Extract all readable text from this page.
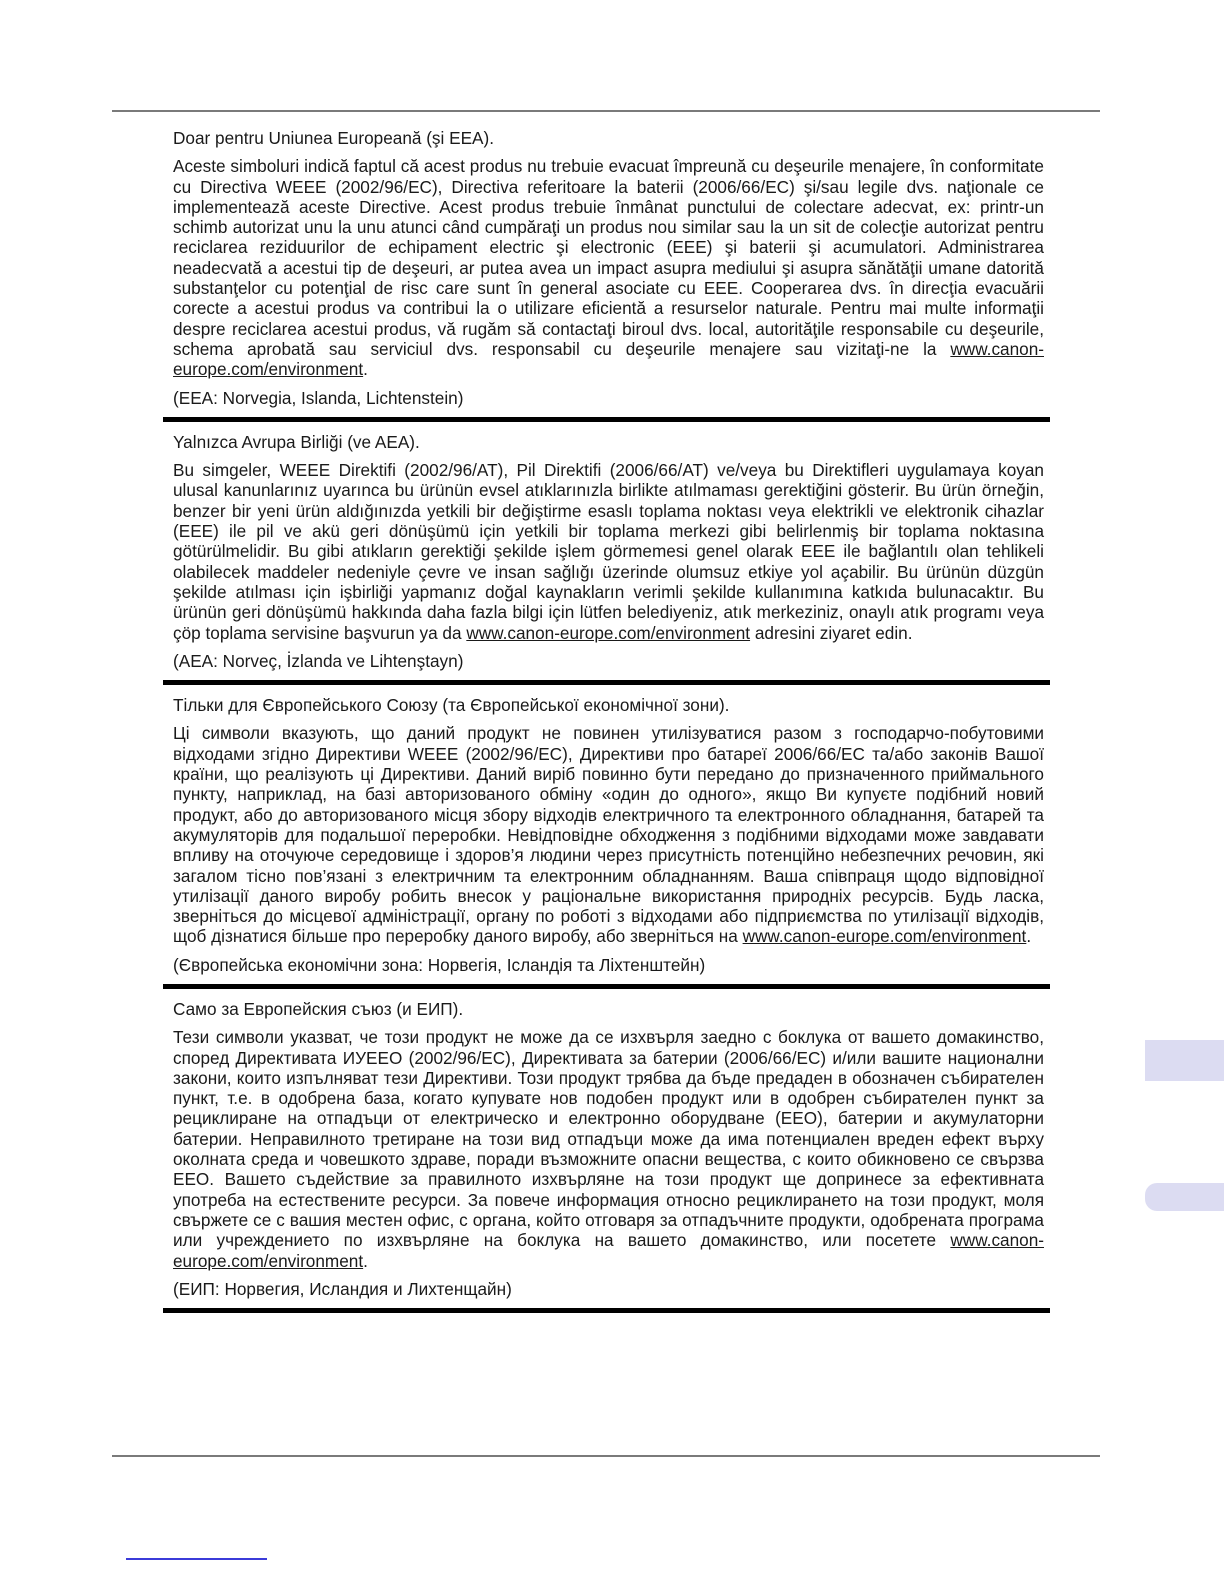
Doar pentru Uniunea Europeană (şi EEA).

Aceste simboluri indică faptul că acest produs nu trebuie evacuat împreună cu deşeurile menajere, în conformitate cu Directiva WEEE (2002/96/EC), Directiva referitoare la baterii (2006/66/EC) şi/sau legile dvs. naţionale ce implementează aceste Directive. Acest produs trebuie înmânat punctului de colectare adecvat, ex: printr-un schimb autorizat unu la unu atunci când cumpăraţi un produs nou similar sau la un sit de colecţie autorizat pentru reciclarea reziduurilor de echipament electric şi electronic (EEE) şi baterii şi acumulatori. Administrarea neadecvată a acestui tip de deşeuri, ar putea avea un impact asupra mediului şi asupra sănătăţii umane datorită substanţelor cu potenţial de risc care sunt în general asociate cu EEE. Cooperarea dvs. în direcţia evacuării corecte a acestui produs va contribui la o utilizare eficientă a resurselor naturale. Pentru mai multe informaţii despre reciclarea acestui produs, vă rugăm să contactaţi biroul dvs. local, autorităţile responsabile cu deşeurile, schema aprobată sau serviciul dvs. responsabil cu deşeurile menajere sau vizitaţi-ne la www.canon-europe.com/environment.

(EEA: Norvegia, Islanda, Lichtenstein)

Yalnızca Avrupa Birliği (ve AEA).

Bu simgeler, WEEE Direktifi (2002/96/AT), Pil Direktifi (2006/66/AT) ve/veya bu Direktifleri uygulamaya koyan ulusal kanunlarınız uyarınca bu ürünün evsel atıklarınızla birlikte atılmaması gerektiğini gösterir. Bu ürün örneğin, benzer bir yeni ürün aldığınızda yetkili bir değiştirme esaslı toplama noktası veya elektrikli ve elektronik cihazlar (EEE) ile pil ve akü geri dönüşümü için yetkili bir toplama merkezi gibi belirlenmiş bir toplama noktasına götürülmelidir. Bu gibi atıkların gerektiği şekilde işlem görmemesi genel olarak EEE ile bağlantılı olan tehlikeli olabilecek maddeler nedeniyle çevre ve insan sağlığı üzerinde olumsuz etkiye yol açabilir. Bu ürünün düzgün şekilde atılması için işbirliği yapmanız doğal kaynakların verimli şekilde kullanımına katkıda bulunacaktır. Bu ürünün geri dönüşümü hakkında daha fazla bilgi için lütfen belediyeniz, atık merkeziniz, onaylı atık programı veya çöp toplama servisine başvurun ya da www.canon-europe.com/environment adresini ziyaret edin.

(AEA: Norveç, İzlanda ve Lihtenştayn)

Тільки для Європейського Союзу (та Європейської економічної зони).

Ці символи вказують, що даний продукт не повинен утилізуватися разом з господарчо-побутовими відходами згідно Директиви WEEE (2002/96/EC), Директиви про батареї 2006/66/EC та/або законів Вашої країни, що реалізують ці Директиви. Даний виріб повинно бути передано до призначенного приймального пункту, наприклад, на базі авторизованого обміну «один до одного», якщо Ви купуєте подібний новий продукт, або до авторизованого місця збору відходів електричного та електронного обладнання, батарей та акумуляторів для подальшої переробки. Невідповідне обходження з подібними відходами може завдавати впливу на оточуюче середовище і здоров’я людини через присутність потенційно небезпечних речовин, які загалом тісно пов’язані з електричним та електронним обладнанням. Ваша співпраця щодо відповідної утилізації даного виробу робить внесок у раціональне використання природніх ресурсів. Будь ласка, зверніться до місцевої адміністрації, органу по роботі з відходами або підприємства по утилізації відходів, щоб дізнатися більше про переробку даного виробу, або зверніться на www.canon-europe.com/environment.

(Європейська економічни зона: Норвегія, Ісландія та Ліхтенштейн)

Само за Европейския съюз (и ЕИП).

Тези символи указват, че този продукт не може да се изхвърля заедно с боклука от вашето домакинство, според Директивата ИУЕЕО (2002/96/EC), Директивата за батерии (2006/66/EC) и/или вашите национални закони, които изпълняват тези Директиви. Този продукт трябва да бъде предаден в обозначен събирателен пункт, т.е. в одобрена база, когато купувате нов подобен продукт или в одобрен събирателен пункт за рециклиране на отпадъци от електрическо и електронно оборудване (ЕЕО), батерии и акумулаторни батерии. Неправилното третиране на този вид отпадъци може да има потенциален вреден ефект върху околната среда и човешкото здраве, поради възможните опасни вещества, с които обикновено се свързва ЕЕО. Вашето съдействие за правилното изхвърляне на този продукт ще допринесе за ефективната употреба на естествените ресурси. За повече информация относно рециклирането на този продукт, моля свържете се с вашия местен офис, с органа, който отговаря за отпадъчните продукти, одобрената програма или учреждението по изхвърляне на боклука на вашето домакинство, или посетете www.canon-europe.com/environment.

(ЕИП: Норвегия, Исландия и Лихтенщайн)
